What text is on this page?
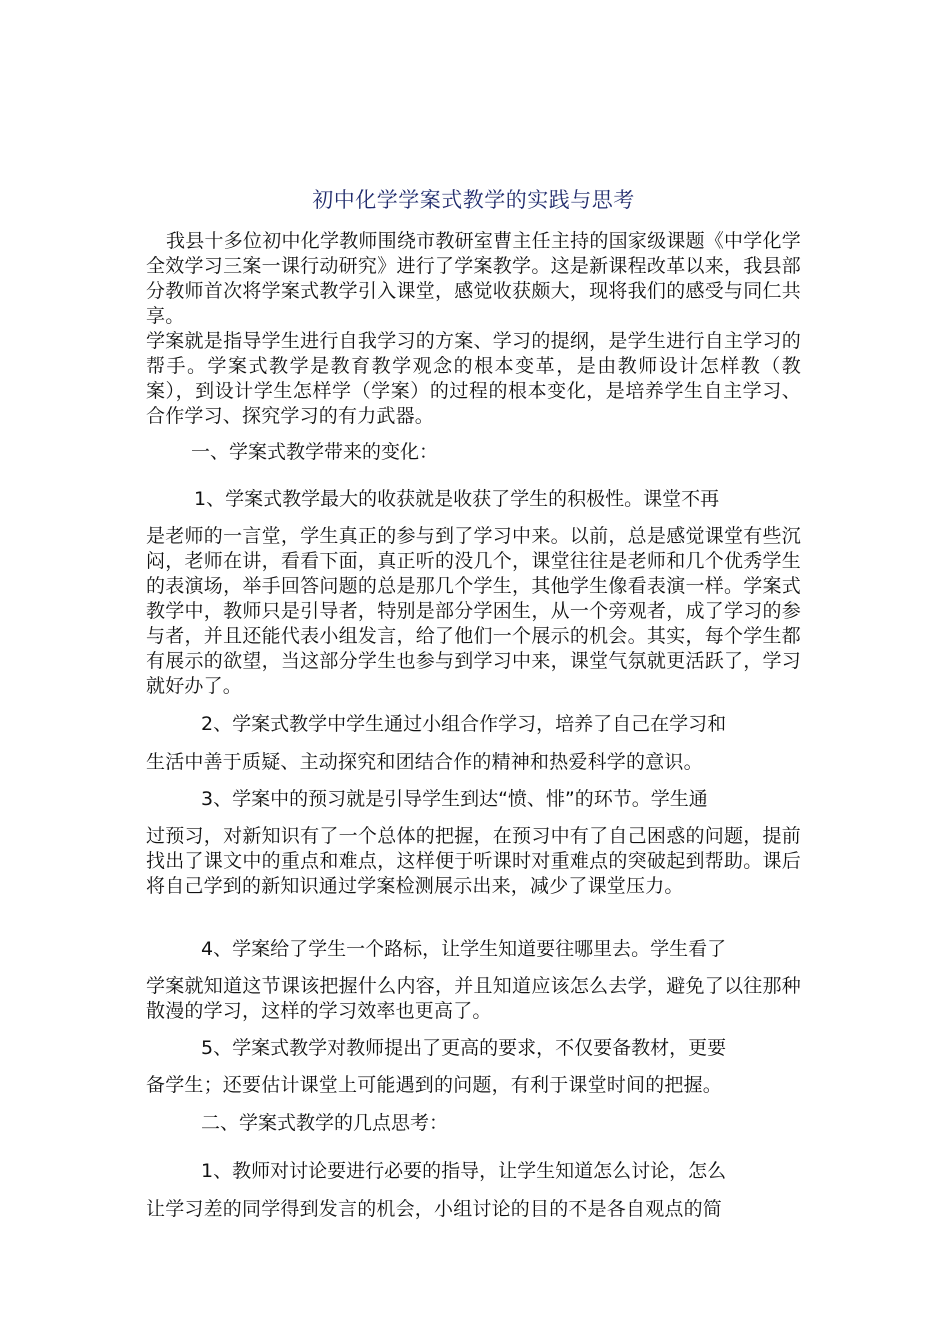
初中化学学案式教学的实践与思考

我县十多位初中化学教师围绕市教研室曹主任主持的国家级课题《中学化学全效学习三案一课行动研究》进行了学案教学。这是新课程改革以来，我县部分教师首次将学案式教学引入课堂，感觉收获颇大，现将我们的感受与同仁共享。

学案就是指导学生进行自我学习的方案、学习的提纲，是学生进行自主学习的帮手。学案式教学是教育教学观念的根本变革，是由教师设计怎样教（教案），到设计学生怎样学（学案）的过程的根本变化，是培养学生自主学习、合作学习、探究学习的有力武器。

一、学案式教学带来的变化：

1、学案式教学最大的收获就是收获了学生的积极性。课堂不再

是老师的一言堂，学生真正的参与到了学习中来。以前，总是感觉课堂有些沉闷，老师在讲，看看下面，真正听的没几个，课堂往往是老师和几个优秀学生的表演场，举手回答问题的总是那几个学生，其他学生像看表演一样。学案式教学中，教师只是引导者，特别是部分学困生，从一个旁观者，成了学习的参与者，并且还能代表小组发言，给了他们一个展示的机会。其实，每个学生都有展示的欲望，当这部分学生也参与到学习中来，课堂气氛就更活跃了，学习就好办了。

2、学案式教学中学生通过小组合作学习，培养了自己在学习和

生活中善于质疑、主动探究和团结合作的精神和热爱科学的意识。

3、学案中的预习就是引导学生到达“愤、悱”的环节。学生通

过预习，对新知识有了一个总体的把握，在预习中有了自己困惑的问题，提前找出了课文中的重点和难点，这样便于听课时对重难点的突破起到帮助。课后将自己学到的新知识通过学案检测展示出来，减少了课堂压力。

4、学案给了学生一个路标，让学生知道要往哪里去。学生看了

学案就知道这节课该把握什么内容，并且知道应该怎么去学，避免了以往那种散漫的学习，这样的学习效率也更高了。

5、学案式教学对教师提出了更高的要求，不仅要备教材，更要

备学生；还要估计课堂上可能遇到的问题，有利于课堂时间的把握。

二、学案式教学的几点思考：

1、教师对讨论要进行必要的指导，让学生知道怎么讨论，怎么

让学习差的同学得到发言的机会，小组讨论的目的不是各自观点的简
